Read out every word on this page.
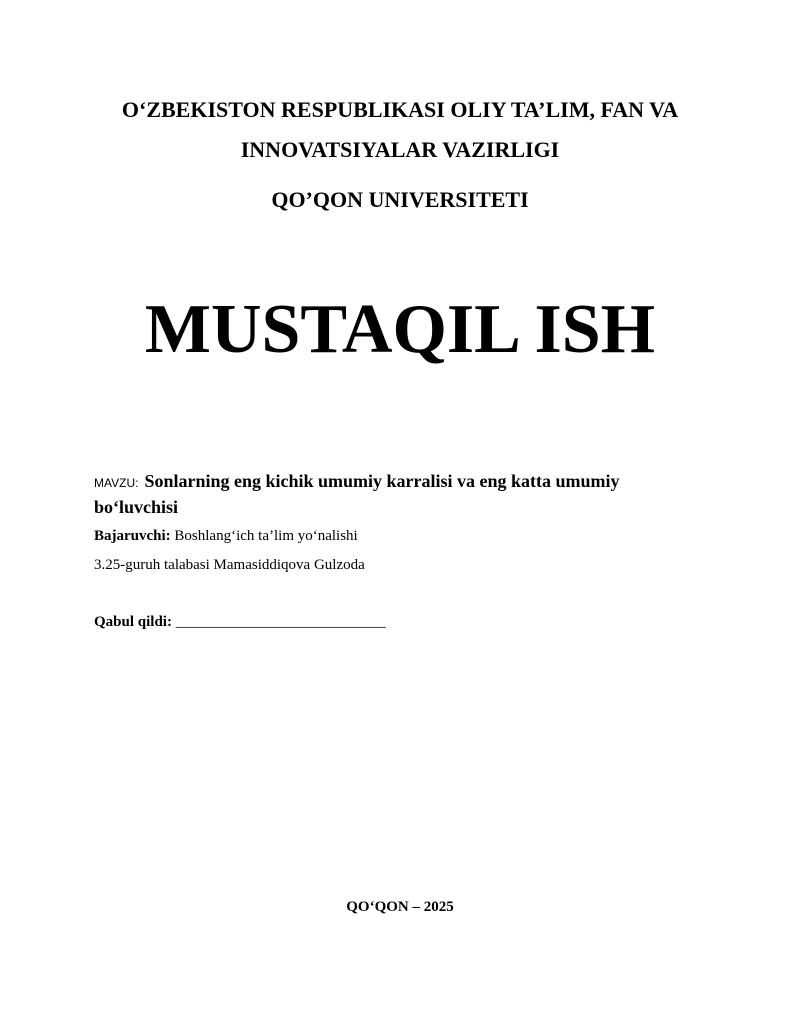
O‘ZBEKISTON RESPUBLIKASI OLIY TA’LIM, FAN VA
INNOVATSIYALAR VAZIRLIGI
QO’QON UNIVERSITETI
MUSTAQIL ISH
MAVZU: Sonlarning eng kichik umumiy karralisi va eng katta umumiy bo‘luvchisi
Bajaruvchi: Boshlang‘ich ta’lim yo‘nalishi
3.25-guruh talabasi Mamasiddiqova Gulzoda
Qabul qildi: ____________________________
QO‘QON – 2025
